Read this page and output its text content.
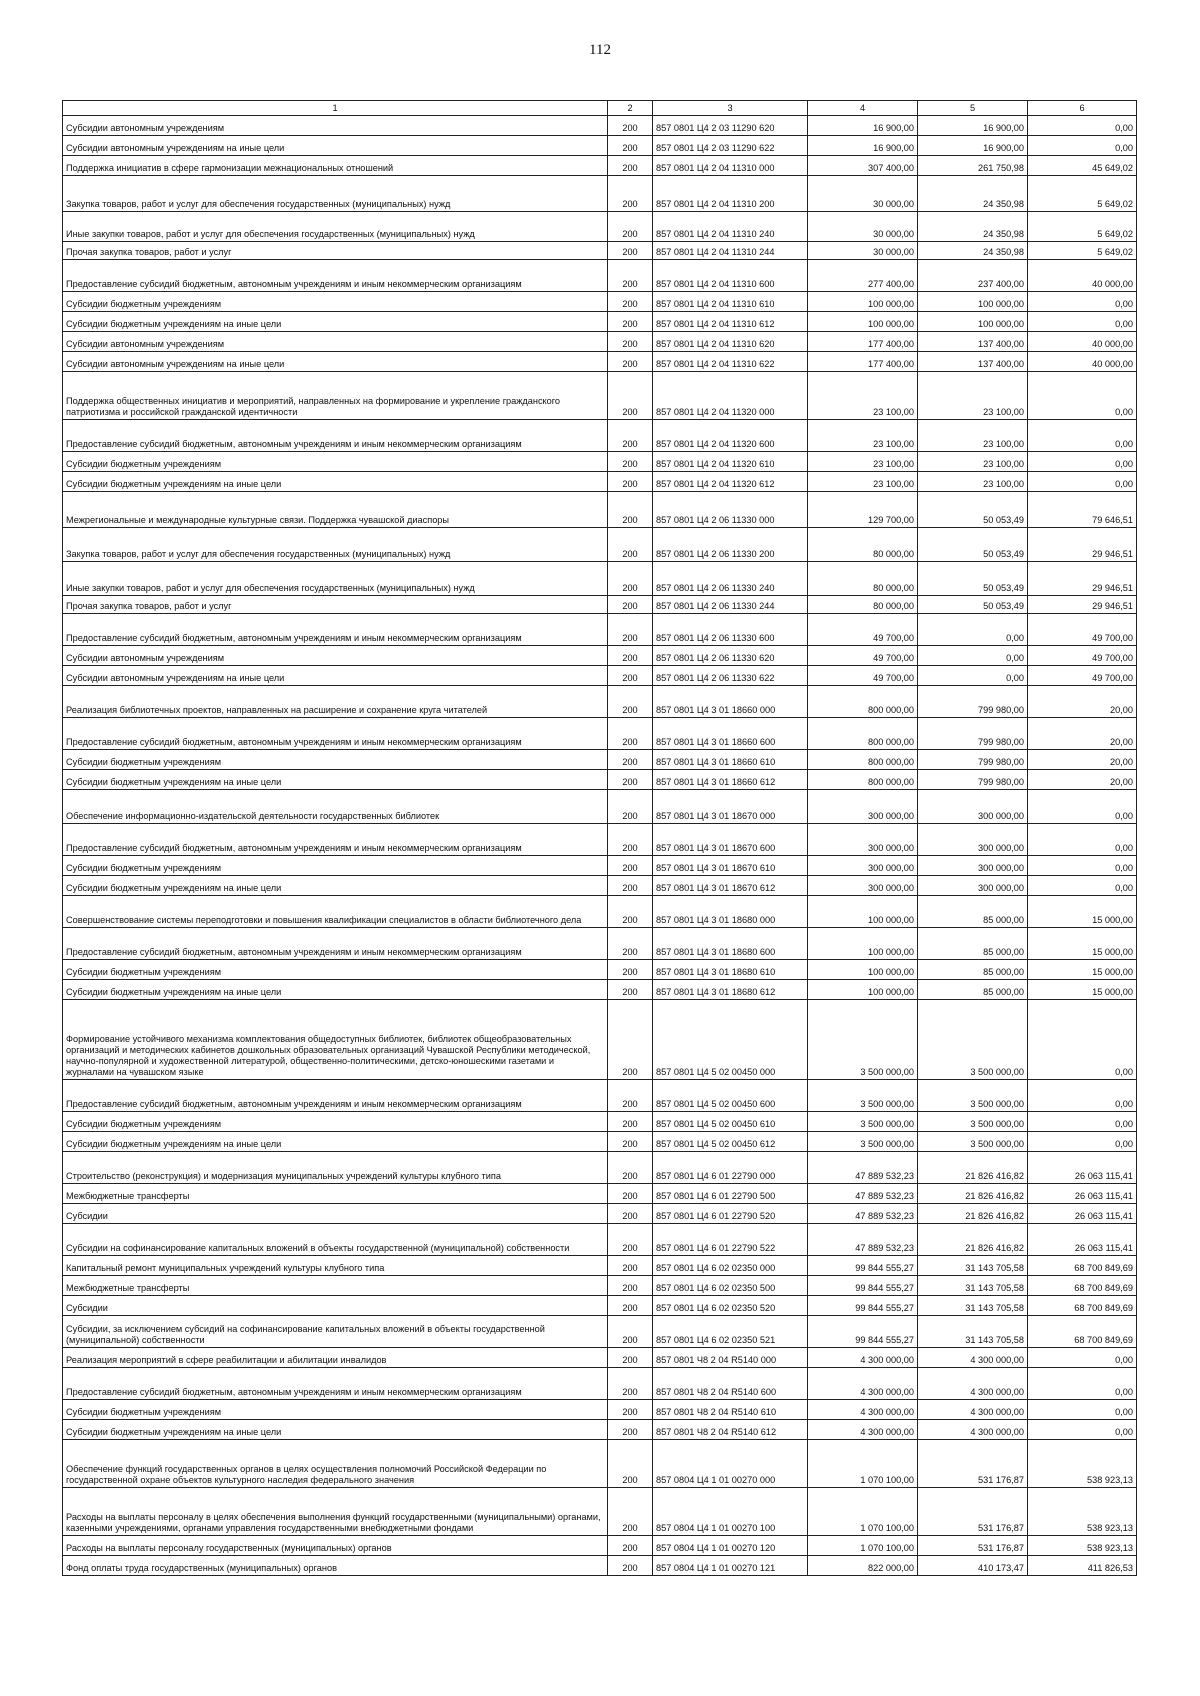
112
1	2	3	4	5	6
Субсидии автономным учреждениям	200	857 0801 Ц4 2 03 11290 620	16 900,00	16 900,00	0,00
Субсидии автономным учреждениям на иные цели	200	857 0801 Ц4 2 03 11290 622	16 900,00	16 900,00	0,00
Поддержка инициатив в сфере гармонизации межнациональных отношений	200	857 0801 Ц4 2 04 11310 000	307 400,00	261 750,98	45 649,02
Закупка товаров, работ и услуг для обеспечения государственных (муниципальных) нужд	200	857 0801 Ц4 2 04 11310 200	30 000,00	24 350,98	5 649,02
Иные закупки товаров, работ и услуг для обеспечения государственных (муниципальных) нужд	200	857 0801 Ц4 2 04 11310 240	30 000,00	24 350,98	5 649,02
Прочая закупка товаров, работ и услуг	200	857 0801 Ц4 2 04 11310 244	30 000,00	24 350,98	5 649,02
Предоставление субсидий бюджетным, автономным учреждениям и иным некоммерческим организациям	200	857 0801 Ц4 2 04 11310 600	277 400,00	237 400,00	40 000,00
Субсидии бюджетным учреждениям	200	857 0801 Ц4 2 04 11310 610	100 000,00	100 000,00	0,00
Субсидии бюджетным учреждениям на иные цели	200	857 0801 Ц4 2 04 11310 612	100 000,00	100 000,00	0,00
Субсидии автономным учреждениям	200	857 0801 Ц4 2 04 11310 620	177 400,00	137 400,00	40 000,00
Субсидии автономным учреждениям на иные цели	200	857 0801 Ц4 2 04 11310 622	177 400,00	137 400,00	40 000,00
Поддержка общественных инициатив и мероприятий, направленных на формирование и укрепление гражданского патриотизма и российской гражданской идентичности	200	857 0801 Ц4 2 04 11320 000	23 100,00	23 100,00	0,00
Предоставление субсидий бюджетным, автономным учреждениям и иным некоммерческим организациям	200	857 0801 Ц4 2 04 11320 600	23 100,00	23 100,00	0,00
Субсидии бюджетным учреждениям	200	857 0801 Ц4 2 04 11320 610	23 100,00	23 100,00	0,00
Субсидии бюджетным учреждениям на иные цели	200	857 0801 Ц4 2 04 11320 612	23 100,00	23 100,00	0,00
Межрегиональные и международные культурные связи. Поддержка чувашской диаспоры	200	857 0801 Ц4 2 06 11330 000	129 700,00	50 053,49	79 646,51
Закупка товаров, работ и услуг для обеспечения государственных (муниципальных) нужд	200	857 0801 Ц4 2 06 11330 200	80 000,00	50 053,49	29 946,51
Иные закупки товаров, работ и услуг для обеспечения государственных (муниципальных) нужд	200	857 0801 Ц4 2 06 11330 240	80 000,00	50 053,49	29 946,51
Прочая закупка товаров, работ и услуг	200	857 0801 Ц4 2 06 11330 244	80 000,00	50 053,49	29 946,51
Предоставление субсидий бюджетным, автономным учреждениям и иным некоммерческим организациям	200	857 0801 Ц4 2 06 11330 600	49 700,00	0,00	49 700,00
Субсидии автономным учреждениям	200	857 0801 Ц4 2 06 11330 620	49 700,00	0,00	49 700,00
Субсидии автономным учреждениям на иные цели	200	857 0801 Ц4 2 06 11330 622	49 700,00	0,00	49 700,00
Реализация библиотечных проектов, направленных на расширение и сохранение круга читателей	200	857 0801 Ц4 3 01 18660 000	800 000,00	799 980,00	20,00
Предоставление субсидий бюджетным, автономным учреждениям и иным некоммерческим организациям	200	857 0801 Ц4 3 01 18660 600	800 000,00	799 980,00	20,00
Субсидии бюджетным учреждениям	200	857 0801 Ц4 3 01 18660 610	800 000,00	799 980,00	20,00
Субсидии бюджетным учреждениям на иные цели	200	857 0801 Ц4 3 01 18660 612	800 000,00	799 980,00	20,00
Обеспечение информационно-издательской деятельности государственных библиотек	200	857 0801 Ц4 3 01 18670 000	300 000,00	300 000,00	0,00
Предоставление субсидий бюджетным, автономным учреждениям и иным некоммерческим организациям	200	857 0801 Ц4 3 01 18670 600	300 000,00	300 000,00	0,00
Субсидии бюджетным учреждениям	200	857 0801 Ц4 3 01 18670 610	300 000,00	300 000,00	0,00
Субсидии бюджетным учреждениям на иные цели	200	857 0801 Ц4 3 01 18670 612	300 000,00	300 000,00	0,00
Совершенствование системы переподготовки и повышения квалификации специалистов в области библиотечного дела	200	857 0801 Ц4 3 01 18680 000	100 000,00	85 000,00	15 000,00
Предоставление субсидий бюджетным, автономным учреждениям и иным некоммерческим организациям	200	857 0801 Ц4 3 01 18680 600	100 000,00	85 000,00	15 000,00
Субсидии бюджетным учреждениям	200	857 0801 Ц4 3 01 18680 610	100 000,00	85 000,00	15 000,00
Субсидии бюджетным учреждениям на иные цели	200	857 0801 Ц4 3 01 18680 612	100 000,00	85 000,00	15 000,00
Формирование устойчивого механизма комплектования общедоступных библиотек, библиотек общеобразовательных организаций и методических кабинетов дошкольных образовательных организаций Чувашской Республики методической, научно-популярной и художественной литературой, общественно-политическими, детско-юношескими газетами и журналами на чувашском языке	200	857 0801 Ц4 5 02 00450 000	3 500 000,00	3 500 000,00	0,00
Предоставление субсидий бюджетным, автономным учреждениям и иным некоммерческим организациям	200	857 0801 Ц4 5 02 00450 600	3 500 000,00	3 500 000,00	0,00
Субсидии бюджетным учреждениям	200	857 0801 Ц4 5 02 00450 610	3 500 000,00	3 500 000,00	0,00
Субсидии бюджетным учреждениям на иные цели	200	857 0801 Ц4 5 02 00450 612	3 500 000,00	3 500 000,00	0,00
Строительство (реконструкция) и модернизация муниципальных учреждений культуры клубного типа	200	857 0801 Ц4 6 01 22790 000	47 889 532,23	21 826 416,82	26 063 115,41
Межбюджетные трансферты	200	857 0801 Ц4 6 01 22790 500	47 889 532,23	21 826 416,82	26 063 115,41
Субсидии	200	857 0801 Ц4 6 01 22790 520	47 889 532,23	21 826 416,82	26 063 115,41
Субсидии на софинансирование капитальных вложений в объекты государственной (муниципальной) собственности	200	857 0801 Ц4 6 01 22790 522	47 889 532,23	21 826 416,82	26 063 115,41
Капитальный ремонт муниципальных учреждений культуры клубного типа	200	857 0801 Ц4 6 02 02350 000	99 844 555,27	31 143 705,58	68 700 849,69
Межбюджетные трансферты	200	857 0801 Ц4 6 02 02350 500	99 844 555,27	31 143 705,58	68 700 849,69
Субсидии	200	857 0801 Ц4 6 02 02350 520	99 844 555,27	31 143 705,58	68 700 849,69
Субсидии, за исключением субсидий на софинансирование капитальных вложений в объекты государственной (муниципальной) собственности	200	857 0801 Ц4 6 02 02350 521	99 844 555,27	31 143 705,58	68 700 849,69
Реализация мероприятий в сфере реабилитации и абилитации инвалидов	200	857 0801 Ч8 2 04 R5140 000	4 300 000,00	4 300 000,00	0,00
Предоставление субсидий бюджетным, автономным учреждениям и иным некоммерческим организациям	200	857 0801 Ч8 2 04 R5140 600	4 300 000,00	4 300 000,00	0,00
Субсидии бюджетным учреждениям	200	857 0801 Ч8 2 04 R5140 610	4 300 000,00	4 300 000,00	0,00
Субсидии бюджетным учреждениям на иные цели	200	857 0801 Ч8 2 04 R5140 612	4 300 000,00	4 300 000,00	0,00
Обеспечение функций государственных органов в целях осуществления полномочий Российской Федерации по государственной охране объектов культурного наследия федерального значения	200	857 0804 Ц4 1 01 00270 000	1 070 100,00	531 176,87	538 923,13
Расходы на выплаты персоналу в целях обеспечения выполнения функций государственными (муниципальными) органами, казенными учреждениями, органами управления государственными внебюджетными фондами	200	857 0804 Ц4 1 01 00270 100	1 070 100,00	531 176,87	538 923,13
Расходы на выплаты персоналу государственных (муниципальных) органов	200	857 0804 Ц4 1 01 00270 120	1 070 100,00	531 176,87	538 923,13
Фонд оплаты труда государственных (муниципальных) органов	200	857 0804 Ц4 1 01 00270 121	822 000,00	410 173,47	411 826,53
